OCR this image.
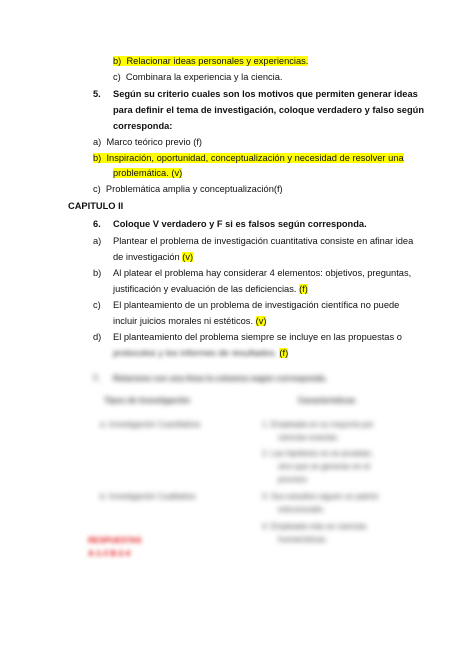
b) Relacionar ideas personales y experiencias.
c) Combinara la experiencia y la ciencia.
5. Según su criterio cuales son los motivos que permiten generar ideas
para definir el tema de investigación, coloque verdadero y falso según
corresponda:
a) Marco teórico previo (f)
b) Inspiración, oportunidad, conceptualización y necesidad de resolver una
problemática. (v)
c) Problemática amplia y conceptualización(f)
CAPITULO II
6. Coloque V verdadero y F si es falsos según corresponda.
a) Plantear el problema de investigación cuantitativa consiste en afinar idea
de investigación (v)
b) Al platear el problema hay considerar 4 elementos: objetivos, preguntas,
justificación y evaluación de las deficiencias. (f)
c) El planteamiento de un problema de investigación científica no puede
incluir juicios morales ni estéticos. (v)
d) El planteamiento del problema siempre se incluye en las propuestas o
protocolos y los informes de resultados. (f)
7. Relacione con una línea la columna según corresponda.
Tipos de Investigación	Características
a. Investigación Cuantitativa
b. Investigación Cualitativa
1. Empleada en su mayoría por
ciencias exactas.
2. Las hipótesis no se prueban,
sino que se generan en el
proceso.
3. Sus estudios siguen un patrón
estructurado.
4. Empleada más en ciencias
humanísticas.
RESPUESTAS
A-1-3 B-2-4
